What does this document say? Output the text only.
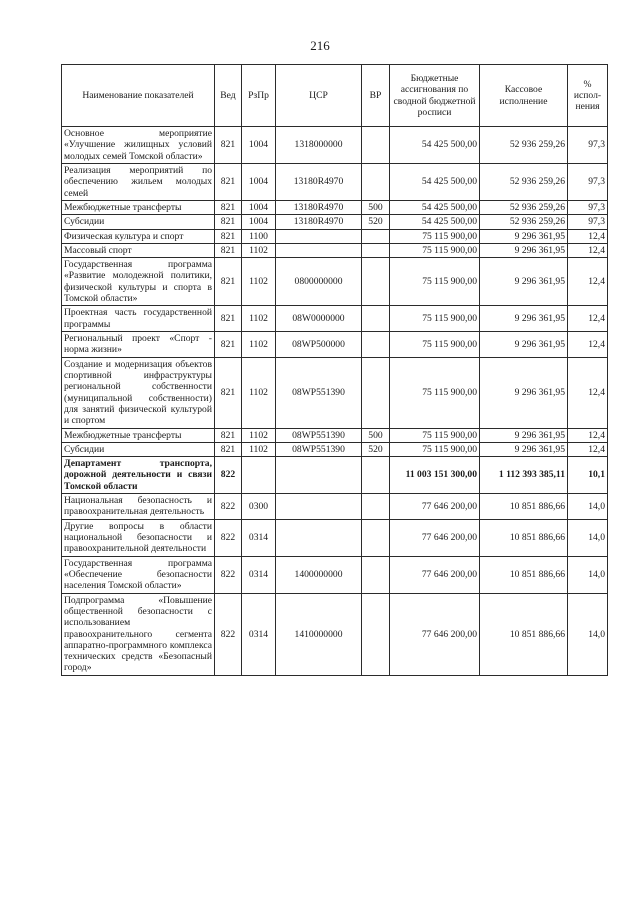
216
Наименование показателей	Вед	РзПр	ЦСР	ВР	Бюджетные ассигнования по сводной бюджетной росписи	Кассовое исполнение	% испол-нения
Основное мероприятие «Улучшение жилищных условий молодых семей Томской области»	821	1004	1318000000		54 425 500,00	52 936 259,26	97,3
Реализация мероприятий по обеспечению жильем молодых семей	821	1004	13180R4970		54 425 500,00	52 936 259,26	97,3
Межбюджетные трансферты	821	1004	13180R4970	500	54 425 500,00	52 936 259,26	97,3
Субсидии	821	1004	13180R4970	520	54 425 500,00	52 936 259,26	97,3
Физическая культура и спорт	821	1100			75 115 900,00	9 296 361,95	12,4
Массовый спорт	821	1102			75 115 900,00	9 296 361,95	12,4
Государственная программа «Развитие молодежной политики, физической культуры и спорта в Томской области»	821	1102	0800000000		75 115 900,00	9 296 361,95	12,4
Проектная часть государственной программы	821	1102	08W0000000		75 115 900,00	9 296 361,95	12,4
Региональный проект «Спорт - норма жизни»	821	1102	08WP500000		75 115 900,00	9 296 361,95	12,4
Создание и модернизация объектов спортивной инфраструктуры региональной собственности (муниципальной собственности) для занятий физической культурой и спортом	821	1102	08WP551390		75 115 900,00	9 296 361,95	12,4
Межбюджетные трансферты	821	1102	08WP551390	500	75 115 900,00	9 296 361,95	12,4
Субсидии	821	1102	08WP551390	520	75 115 900,00	9 296 361,95	12,4
Департамент транспорта, дорожной деятельности и связи Томской области	822				11 003 151 300,00	1 112 393 385,11	10,1
Национальная безопасность и правоохранительная деятельность	822	0300			77 646 200,00	10 851 886,66	14,0
Другие вопросы в области национальной безопасности и правоохранительной деятельности	822	0314			77 646 200,00	10 851 886,66	14,0
Государственная программа «Обеспечение безопасности населения Томской области»	822	0314	1400000000		77 646 200,00	10 851 886,66	14,0
Подпрограмма «Повышение общественной безопасности с использованием правоохранительного сегмента аппаратно-программного комплекса технических средств «Безопасный город»	822	0314	1410000000		77 646 200,00	10 851 886,66	14,0
